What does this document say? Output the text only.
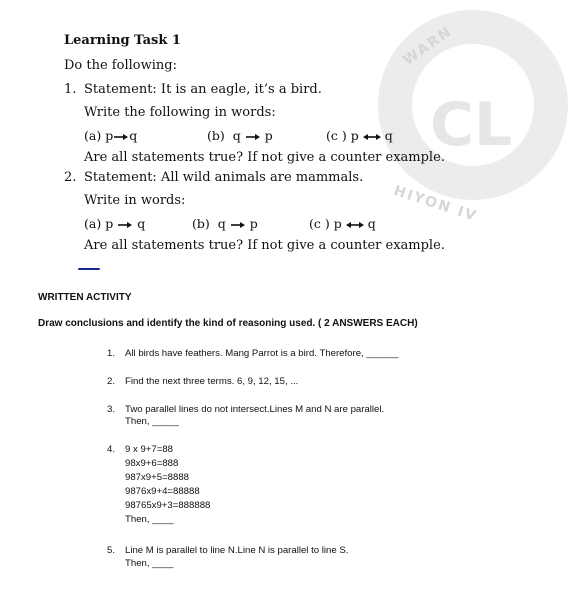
WARN
CL
HIYON IV
Learning Task 1
Do the following:
1. Statement: It is an eagle, it’s a bird.
Write the following in words:
(a) p q	(b) q p	(c ) p q
Are all statements true? If not give a counter example.
2. Statement: All wild animals are mammals.
Write in words:
(a) p q	(b) q p	(c ) p q
Are all statements true? If not give a counter example.
WRITTEN ACTIVITY
Draw conclusions and identify the kind of reasoning used. ( 2 ANSWERS EACH)
1. All birds have feathers. Mang Parrot is a bird. Therefore, ______
2. Find the next three terms. 6, 9, 12, 15, ...
3. Two parallel lines do not intersect.Lines M and N are parallel.
Then, _____
4. 9 x 9+7=88
98x9+6=888
987x9+5=8888
9876x9+4=88888
98765x9+3=888888
Then, ____
5. Line M is parallel to line N.Line N is parallel to line S.
Then, ____
